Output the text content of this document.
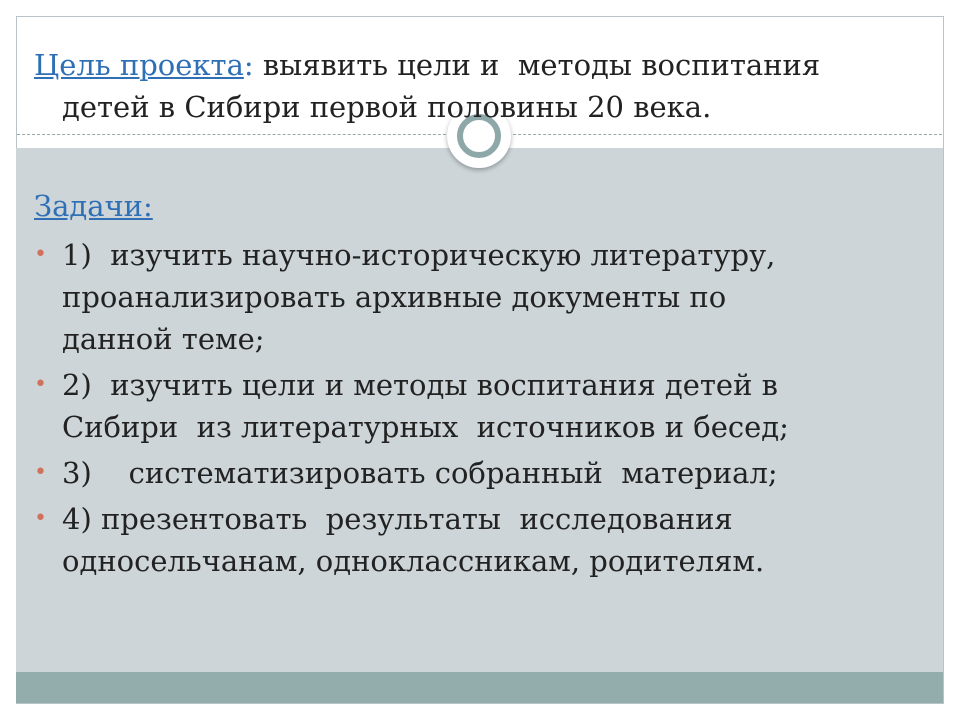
Цель проекта: выявить цели и  методы воспитания
детей в Сибири первой половины 20 века.
Задачи:
• 1)  изучить научно-историческую литературу,
проанализировать архивные документы по
данной теме;
• 2)  изучить цели и методы воспитания детей в
Сибири  из литературных  источников и бесед;
• 3)    систематизировать собранный  материал;
• 4) презентовать  результаты  исследования
односельчанам, одноклассникам, родителям.
